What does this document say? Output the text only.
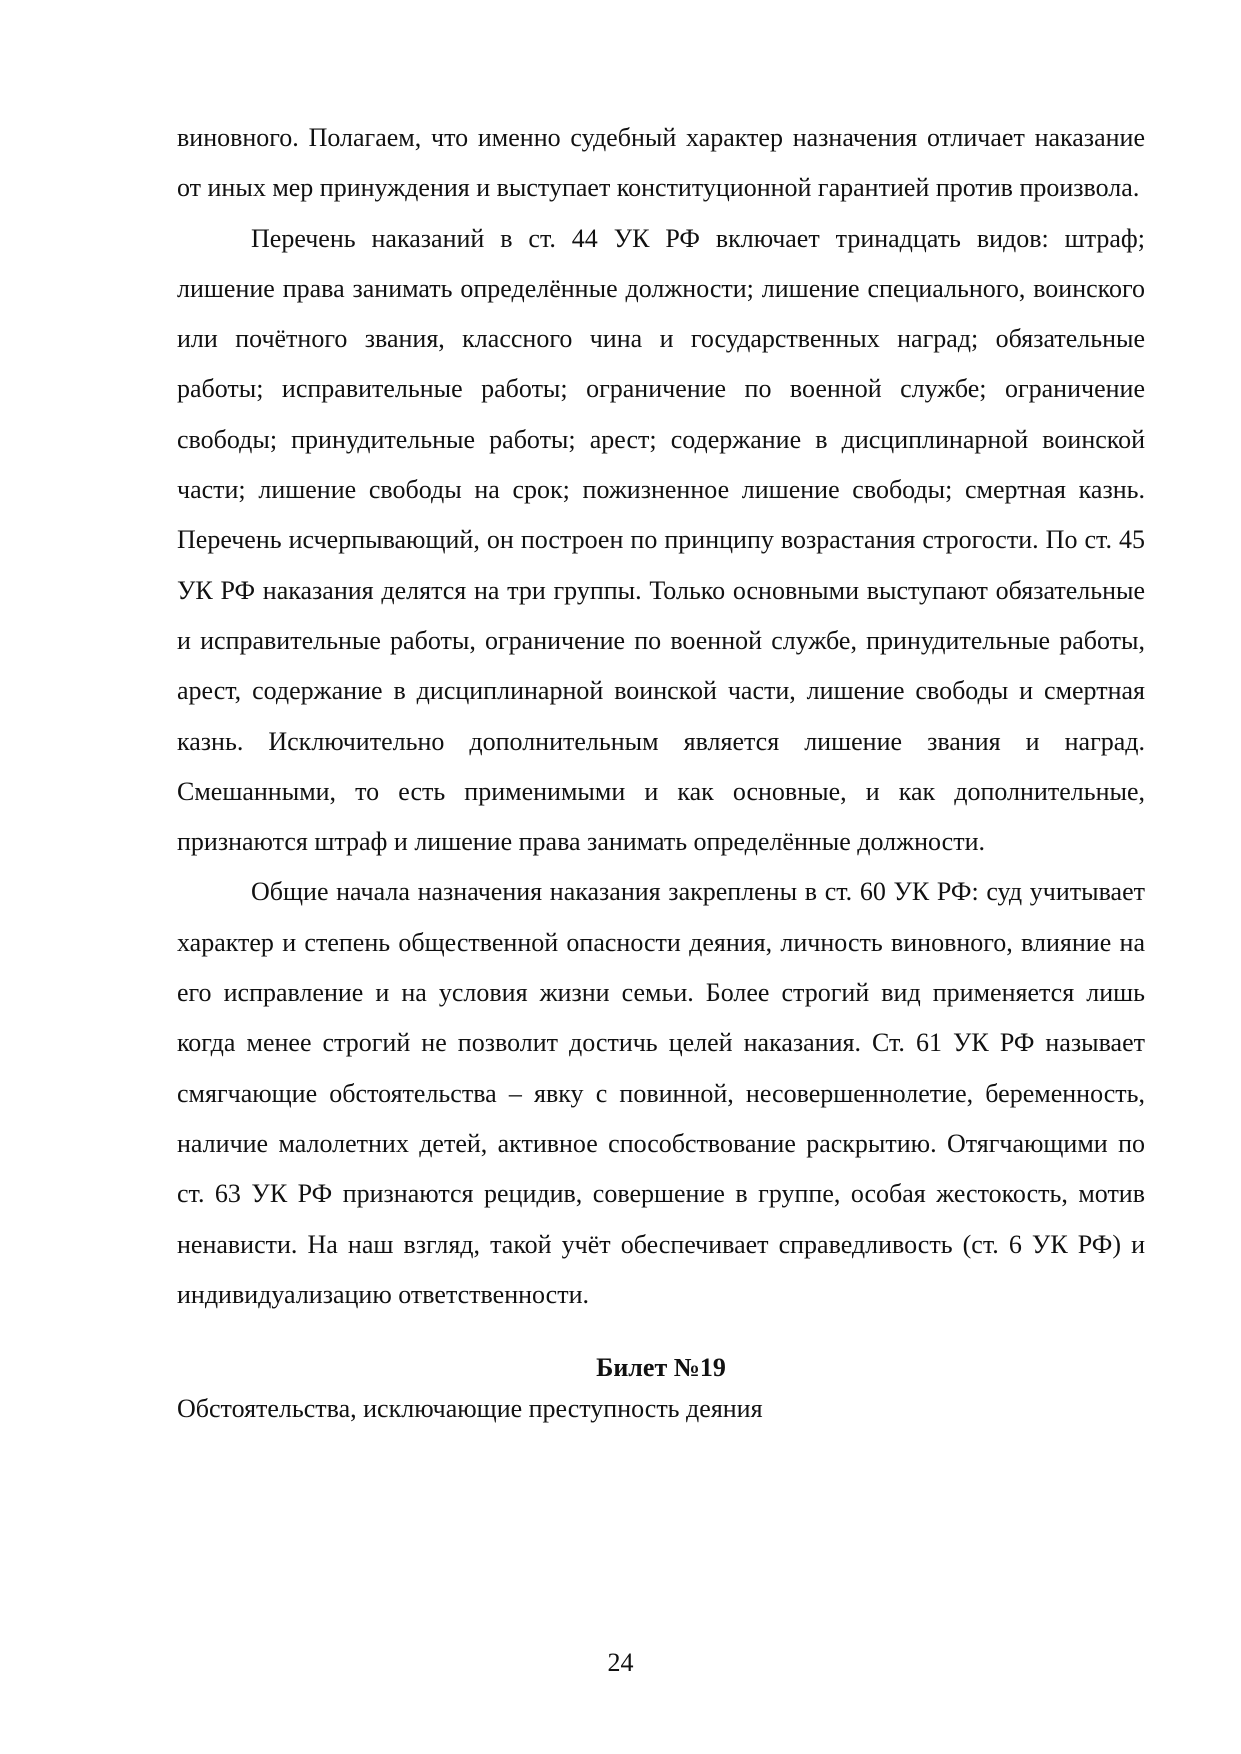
виновного. Полагаем, что именно судебный характер назначения отличает наказание от иных мер принуждения и выступает конституционной гарантией против произвола.

Перечень наказаний в ст. 44 УК РФ включает тринадцать видов: штраф; лишение права занимать определённые должности; лишение специального, воинского или почётного звания, классного чина и государственных наград; обязательные работы; исправительные работы; ограничение по военной службе; ограничение свободы; принудительные работы; арест; содержание в дисциплинарной воинской части; лишение свободы на срок; пожизненное лишение свободы; смертная казнь. Перечень исчерпывающий, он построен по принципу возрастания строгости. По ст. 45 УК РФ наказания делятся на три группы. Только основными выступают обязательные и исправительные работы, ограничение по военной службе, принудительные работы, арест, содержание в дисциплинарной воинской части, лишение свободы и смертная казнь. Исключительно дополнительным является лишение звания и наград. Смешанными, то есть применимыми и как основные, и как дополнительные, признаются штраф и лишение права занимать определённые должности.

Общие начала назначения наказания закреплены в ст. 60 УК РФ: суд учитывает характер и степень общественной опасности деяния, личность виновного, влияние на его исправление и на условия жизни семьи. Более строгий вид применяется лишь когда менее строгий не позволит достичь целей наказания. Ст. 61 УК РФ называет смягчающие обстоятельства – явку с повинной, несовершеннолетие, беременность, наличие малолетних детей, активное способствование раскрытию. Отягчающими по ст. 63 УК РФ признаются рецидив, совершение в группе, особая жестокость, мотив ненависти. На наш взгляд, такой учёт обеспечивает справедливость (ст. 6 УК РФ) и индивидуализацию ответственности.

Билет №19

Обстоятельства, исключающие преступность деяния

24
